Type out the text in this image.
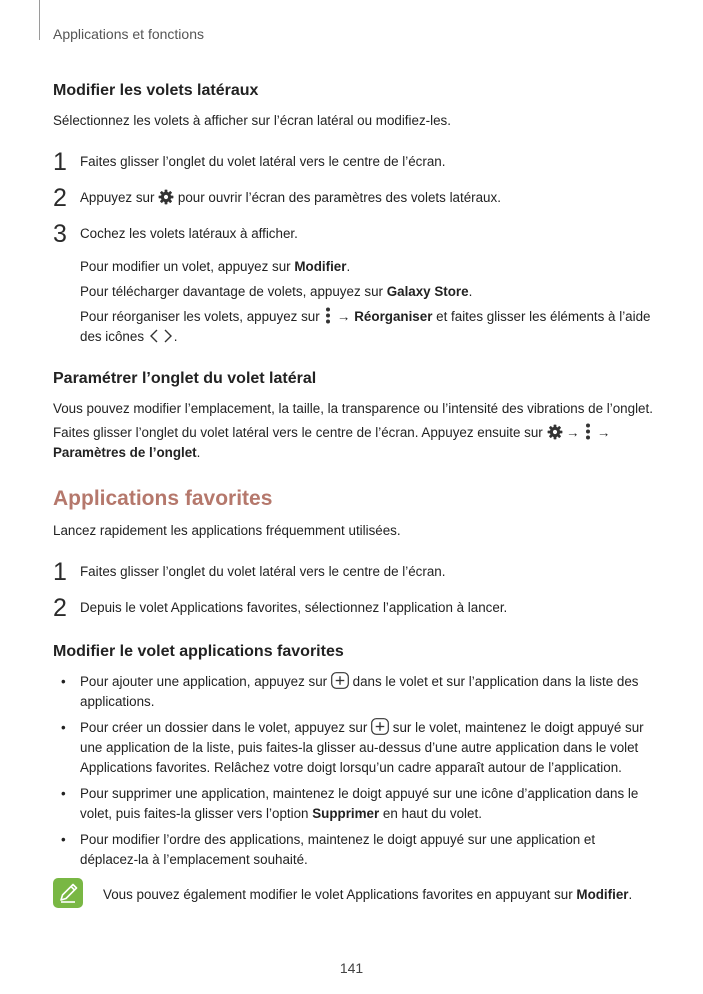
Applications et fonctions
Modifier les volets latéraux

Sélectionnez les volets à afficher sur l’écran latéral ou modifiez-les.

1 Faites glisser l’onglet du volet latéral vers le centre de l’écran.
2 Appuyez sur pour ouvrir l’écran des paramètres des volets latéraux.
3 Cochez les volets latéraux à afficher.

Pour modifier un volet, appuyez sur Modifier.

Pour télécharger davantage de volets, appuyez sur Galaxy Store.

Pour réorganiser les volets, appuyez sur → Réorganiser et faites glisser les éléments à l’aide des icônes .

Paramétrer l’onglet du volet latéral

Vous pouvez modifier l’emplacement, la taille, la transparence ou l’intensité des vibrations de l’onglet.

Faites glisser l’onglet du volet latéral vers le centre de l’écran. Appuyez ensuite sur → → Paramètres de l’onglet.

Applications favorites

Lancez rapidement les applications fréquemment utilisées.

1 Faites glisser l’onglet du volet latéral vers le centre de l’écran.
2 Depuis le volet Applications favorites, sélectionnez l’application à lancer.
Modifier le volet applications favorites
• Pour ajouter une application, appuyez sur dans le volet et sur l’application dans la liste des applications.
• Pour créer un dossier dans le volet, appuyez sur sur le volet, maintenez le doigt appuyé sur une application de la liste, puis faites-la glisser au-dessus d’une autre application dans le volet Applications favorites. Relâchez votre doigt lorsqu’un cadre apparaît autour de l’application.
• Pour supprimer une application, maintenez le doigt appuyé sur une icône d’application dans le volet, puis faites-la glisser vers l’option Supprimer en haut du volet.
• Pour modifier l’ordre des applications, maintenez le doigt appuyé sur une application et déplacez-la à l’emplacement souhaité.

Vous pouvez également modifier le volet Applications favorites en appuyant sur Modifier.

141
